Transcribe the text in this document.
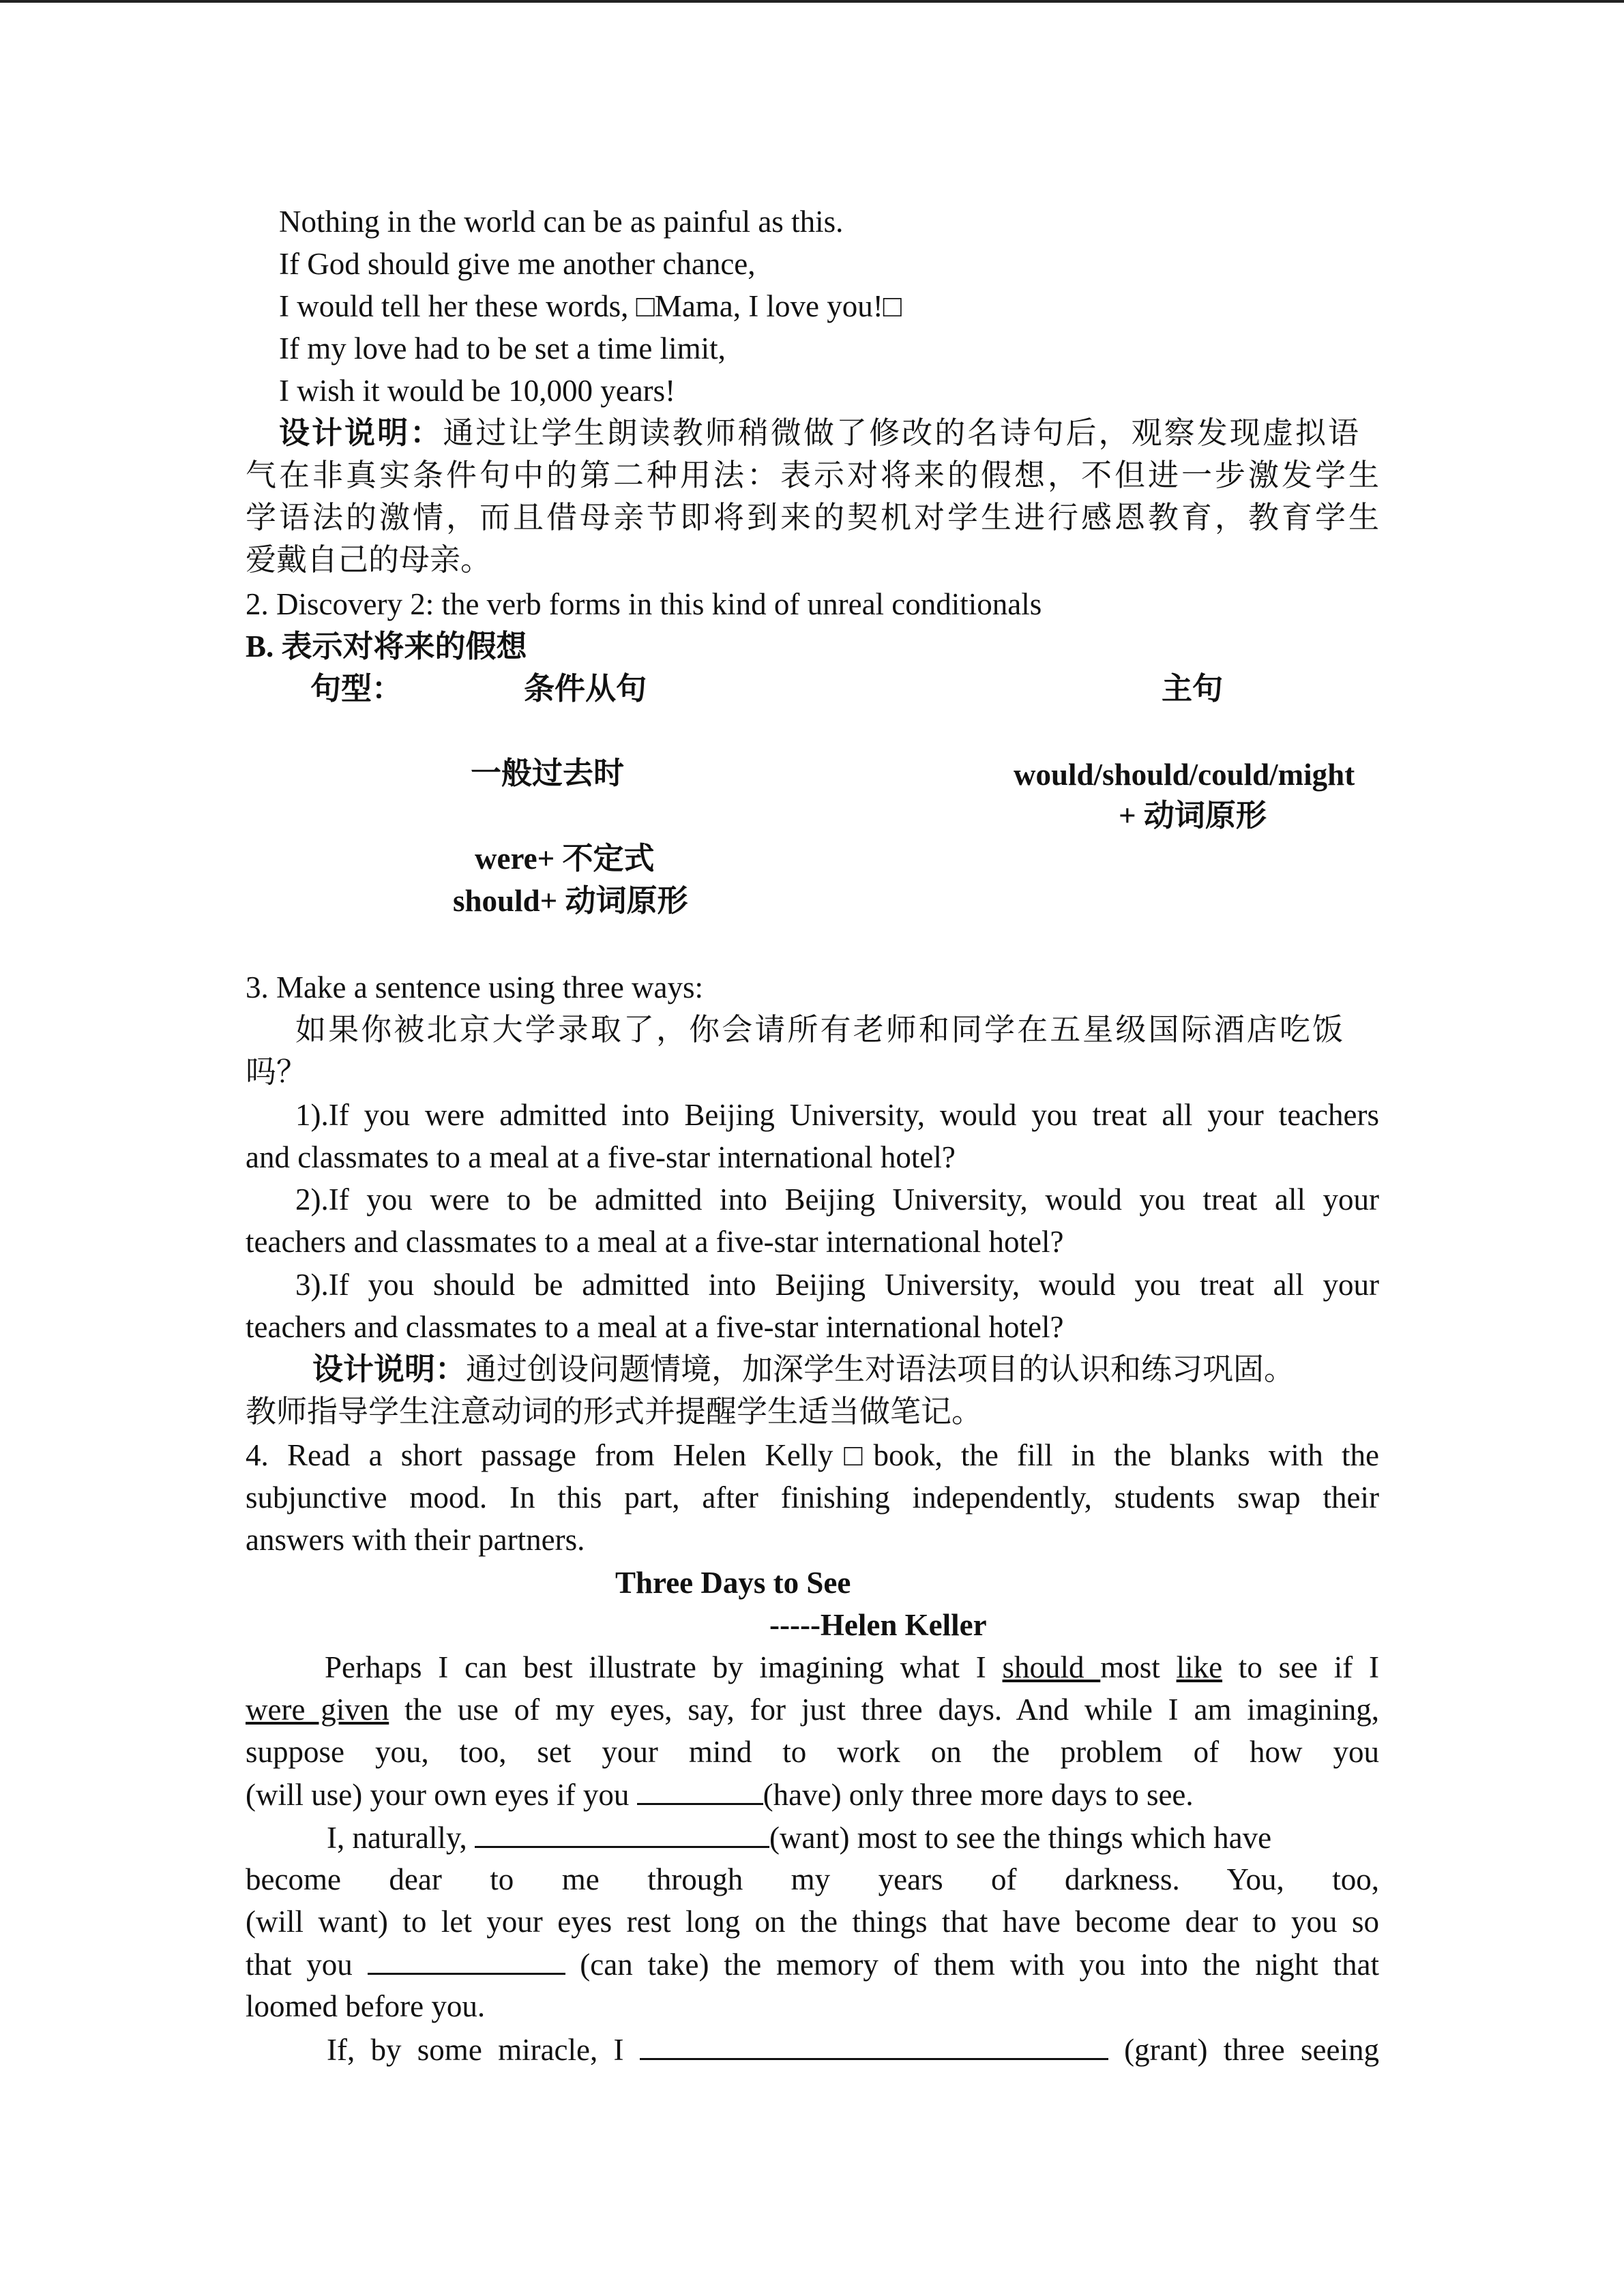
Nothing in the world can be as painful as this.
If God should give me another chance,
I would tell her these words, □Mama, I love you!□
If my love had to be set a time limit,
I wish it would be 10,000 years!
设计说明：通过让学生朗读教师稍微做了修改的名诗句后，观察发现虚拟语
气在非真实条件句中的第二种用法：表示对将来的假想，不但进一步激发学生
学语法的激情，而且借母亲节即将到来的契机对学生进行感恩教育，教育学生
爱戴自己的母亲。
2. Discovery 2: the verb forms in this kind of unreal conditionals
B. 表示对将来的假想
句型：	条件从句	主句
一般过去时	would/should/could/might
+ 动词原形
were+ 不定式
should+ 动词原形
3. Make a sentence using three ways:
如果你被北京大学录取了，你会请所有老师和同学在五星级国际酒店吃饭
吗？
1).If you were admitted into Beijing University, would you treat all your teachers
and classmates to a meal at a five-star international hotel?
2).If you were to be admitted into Beijing University, would you treat all your
teachers and classmates to a meal at a five-star international hotel?
3).If you should be admitted into Beijing University, would you treat all your
teachers and classmates to a meal at a five-star international hotel?
设计说明：通过创设问题情境，加深学生对语法项目的认识和练习巩固。
教师指导学生注意动词的形式并提醒学生适当做笔记。
4. Read a short passage from Helen Kelly□book, the fill in the blanks with the
subjunctive mood. In this part, after finishing independently, students swap their
answers with their partners.
Three Days to See
-----Helen Keller
Perhaps I can best illustrate by imagining what I should most like to see if I
were given the use of my eyes, say, for just three days. And while I am imagining,
suppose you, too, set your mind to work on the problem of how you
(will use) your own eyes if you	(have) only three more days to see.
I, naturally,	(want) most to see the things which have
become dear to me through my years of darkness. You, too,
(will want) to let your eyes rest long on the things that have become dear to you so
that you	(can take) the memory of them with you into the night that
loomed before you.
If, by some miracle, I	(grant) three seeing
